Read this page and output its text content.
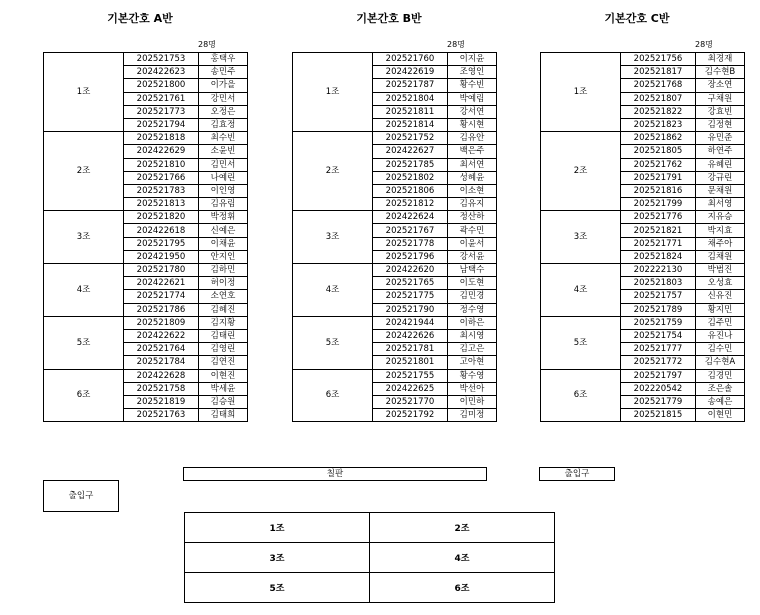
기본간호 A반	기본간호 B반	기본간호 C반
28명	28명	28명
1조	202521753	홍택우
	202422623	송민주
	202521800	이가을
	202521761	강민서
	202521773	오정은
	202521794	김효정
2조	202521818	최수빈
	202422629	소윤빈
	202521810	김민서
	202521766	나예린
	202521783	이인영
	202521813	김유림
3조	202521820	박정휘
	202422618	신예은
	202521795	이채윤
	202421950	안지인
4조	202521780	김하민
	202422621	허이정
	202521774	소연호
	202521786	김혜진
5조	202521809	김지황
	202422622	김태린
	202521764	김영린
	202521784	김연진
6조	202422628	이현진
	202521758	박세윤
	202521819	김승원
	202521763	김태희
1조	202521760	이지윤
	202422619	조영인
	202521787	황수빈
	202521804	박예림
	202521811	강서연
	202521814	황시현
2조	202521752	김유안
	202422627	백은주
	202521785	최서연
	202521802	성혜윤
	202521806	이소현
	202521812	김유지
3조	202422624	정산하
	202521767	곽수민
	202521778	이윤서
	202521796	강서윤
4조	202422620	남택수
	202521765	이도현
	202521775	김민경
	202521790	정수영
5조	202421944	이하은
	202422626	최시영
	202521781	김고은
	202521801	고아현
6조	202521755	황수영
	202422625	박선아
	202521770	이민하
	202521792	김미정
1조	202521756	최경재
	202521817	김수현B
	202521768	장소연
	202521807	구채원
	202521822	강효빈
	202521823	김정현
2조	202521862	유민준
	202521805	하연주
	202521762	유혜린
	202521791	강규린
	202521816	문채원
	202521799	최서영
3조	202521776	지유승
	202521821	박지효
	202521771	채주아
	202521824	김채원
4조	202222130	박범진
	202521803	오성효
	202521757	신유진
	202521789	황지민
5조	202521759	김주민
	202521754	유진나
	202521777	김수민
	202521772	김수현A
6조	202521797	김경민
	202220542	조은솔
	202521779	송예은
	202521815	이현민
칠판	출입구
출입구
1조	2조
3조	4조
5조	6조
